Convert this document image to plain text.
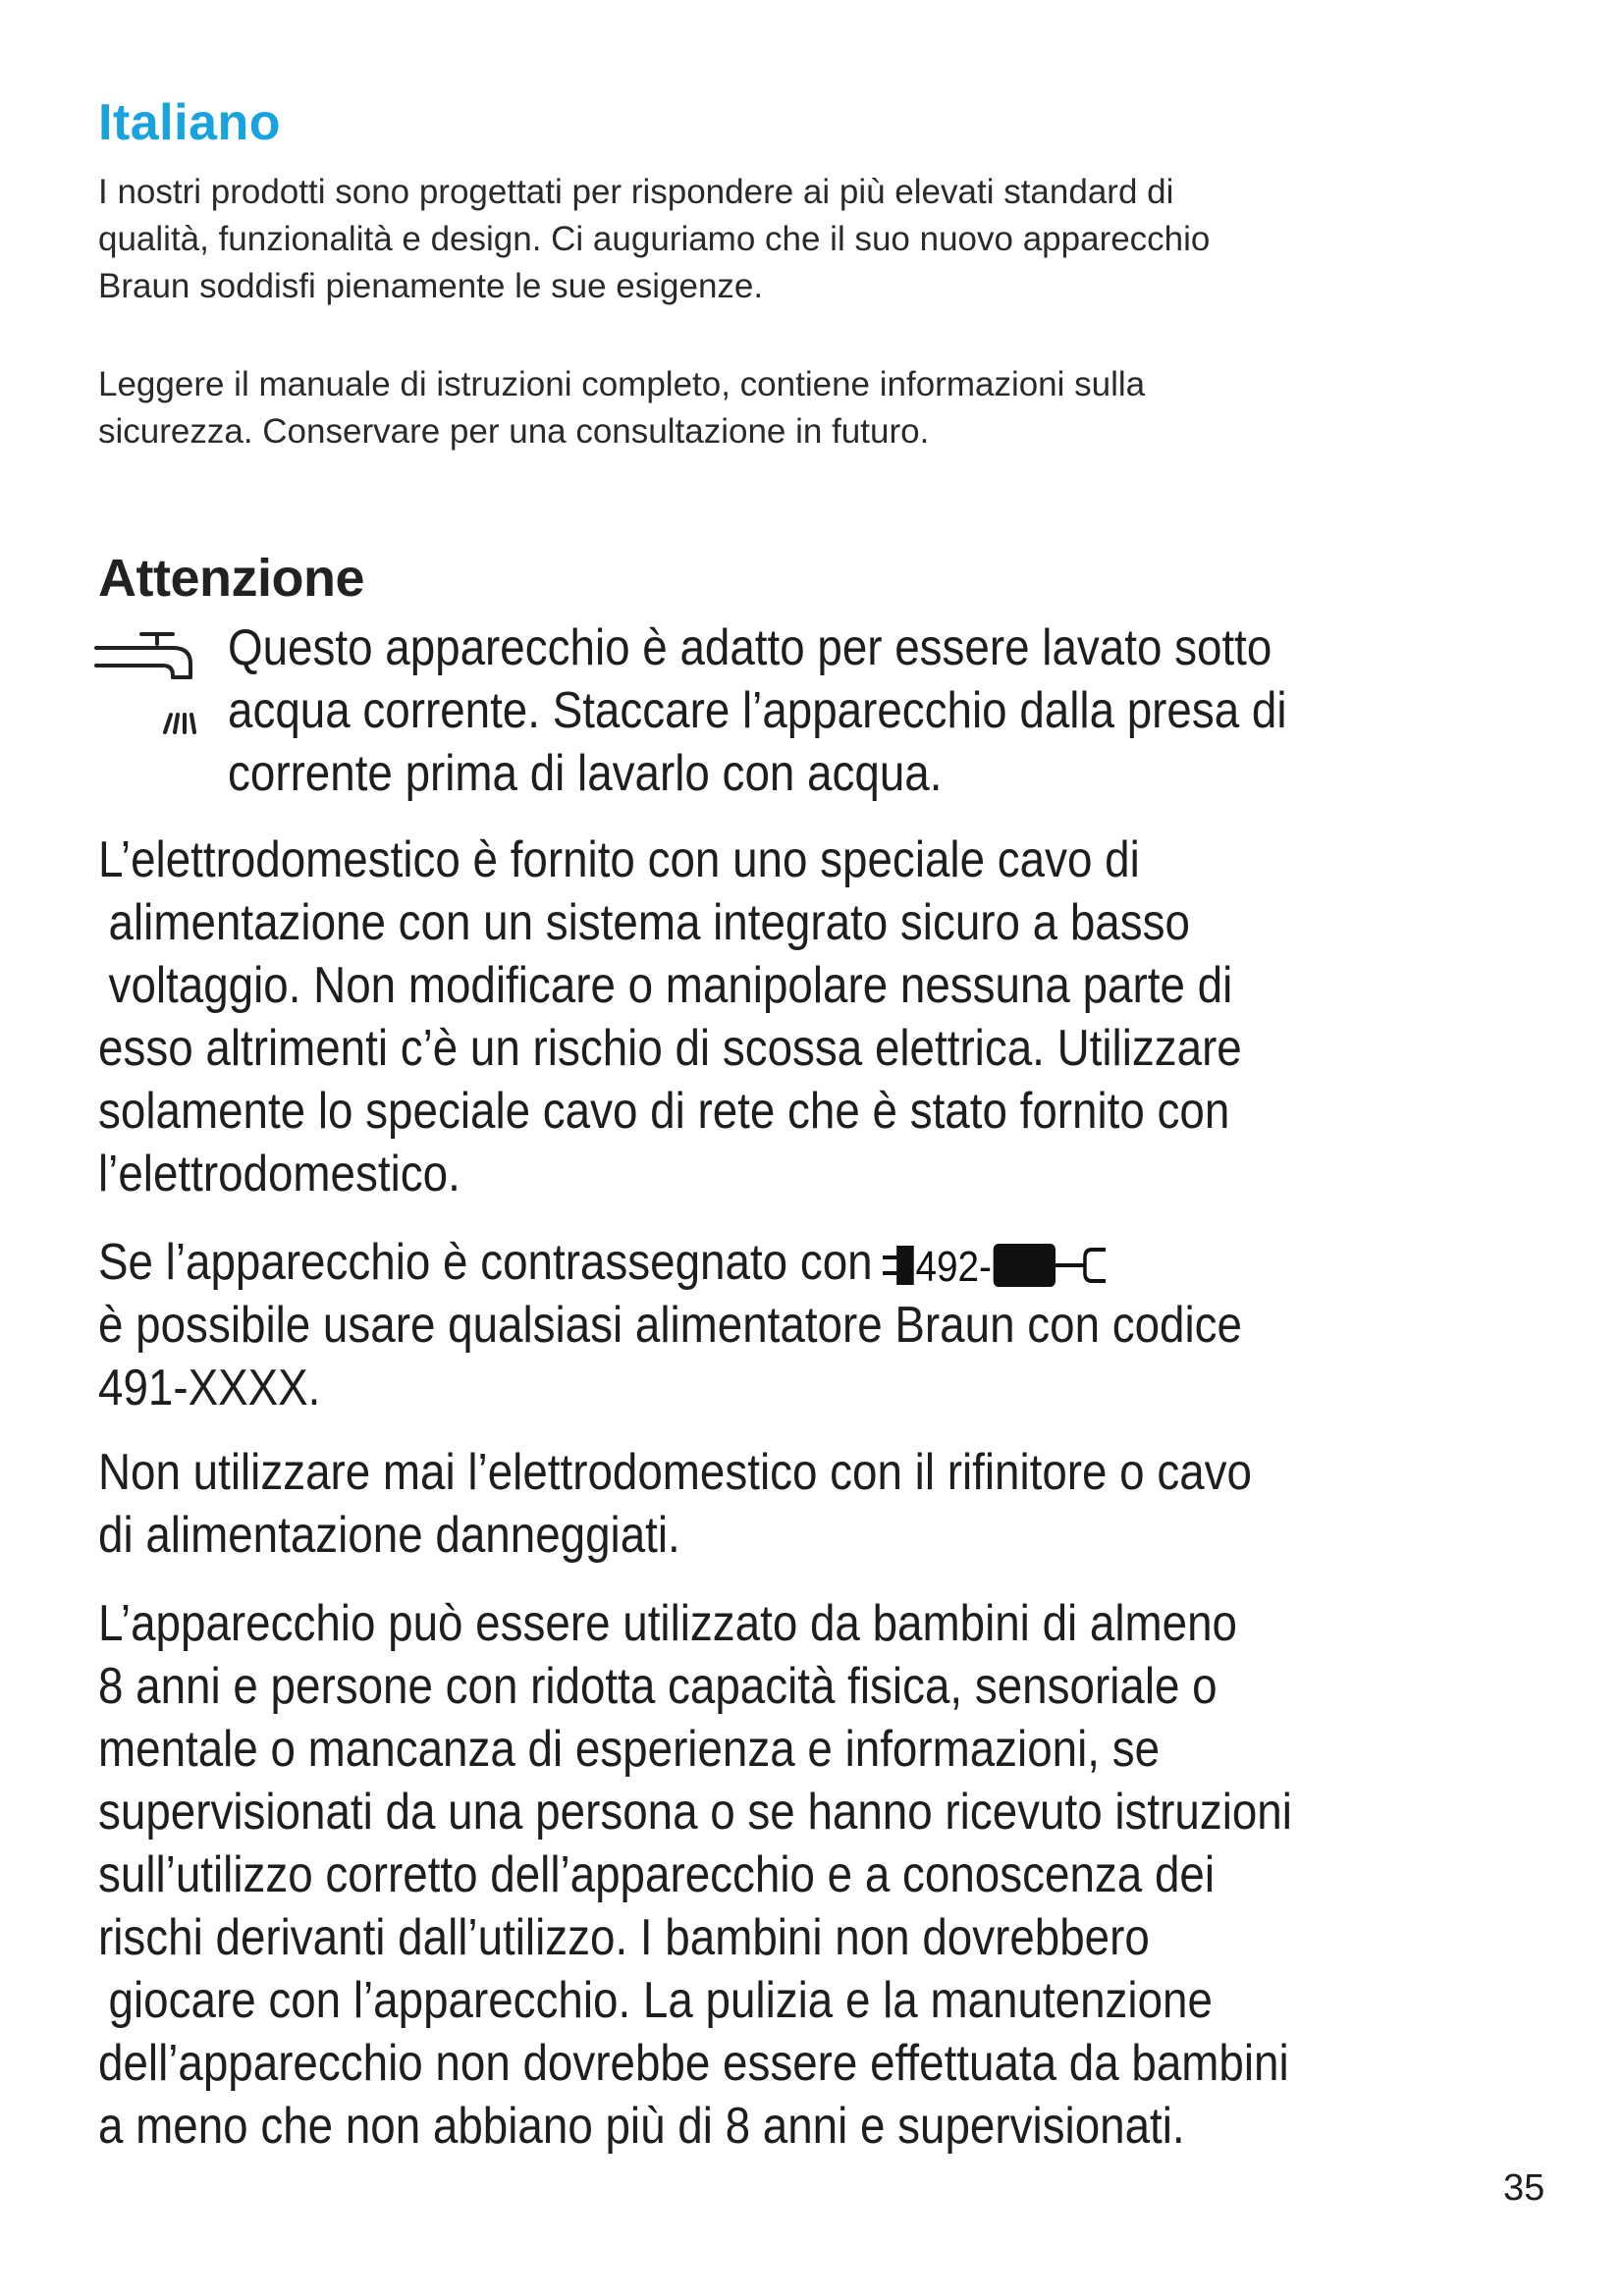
Italiano

I nostri prodotti sono progettati per rispondere ai più elevati standard di
qualità, funzionalità e design. Ci auguriamo che il suo nuovo apparecchio
Braun soddisfi pienamente le sue esigenze.

Leggere il manuale di istruzioni completo, contiene informazioni sulla
sicurezza. Conservare per una consultazione in futuro.

Attenzione

Questo apparecchio è adatto per essere lavato sotto
acqua corrente. Staccare l’apparecchio dalla presa di
corrente prima di lavarlo con acqua.

L’elettrodomestico è fornito con uno speciale cavo di
alimentazione con un sistema integrato sicuro a basso
voltaggio. Non modificare o manipolare nessuna parte di
esso altrimenti c’è un rischio di scossa elettrica. Utilizzare
solamente lo speciale cavo di rete che è stato fornito con
l’elettrodomestico.

Se l’apparecchio è contrassegnato con 492-
è possibile usare qualsiasi alimentatore Braun con codice
491-XXXX.

Non utilizzare mai l’elettrodomestico con il rifinitore o cavo
di alimentazione danneggiati.

L’apparecchio può essere utilizzato da bambini di almeno
8 anni e persone con ridotta capacità fisica, sensoriale o
mentale o mancanza di esperienza e informazioni, se
supervisionati da una persona o se hanno ricevuto istruzioni
sull’utilizzo corretto dell’apparecchio e a conoscenza dei
rischi derivanti dall’utilizzo. I bambini non dovrebbero
giocare con l’apparecchio. La pulizia e la manutenzione
dell’apparecchio non dovrebbe essere effettuata da bambini
a meno che non abbiano più di 8 anni e supervisionati.

35
